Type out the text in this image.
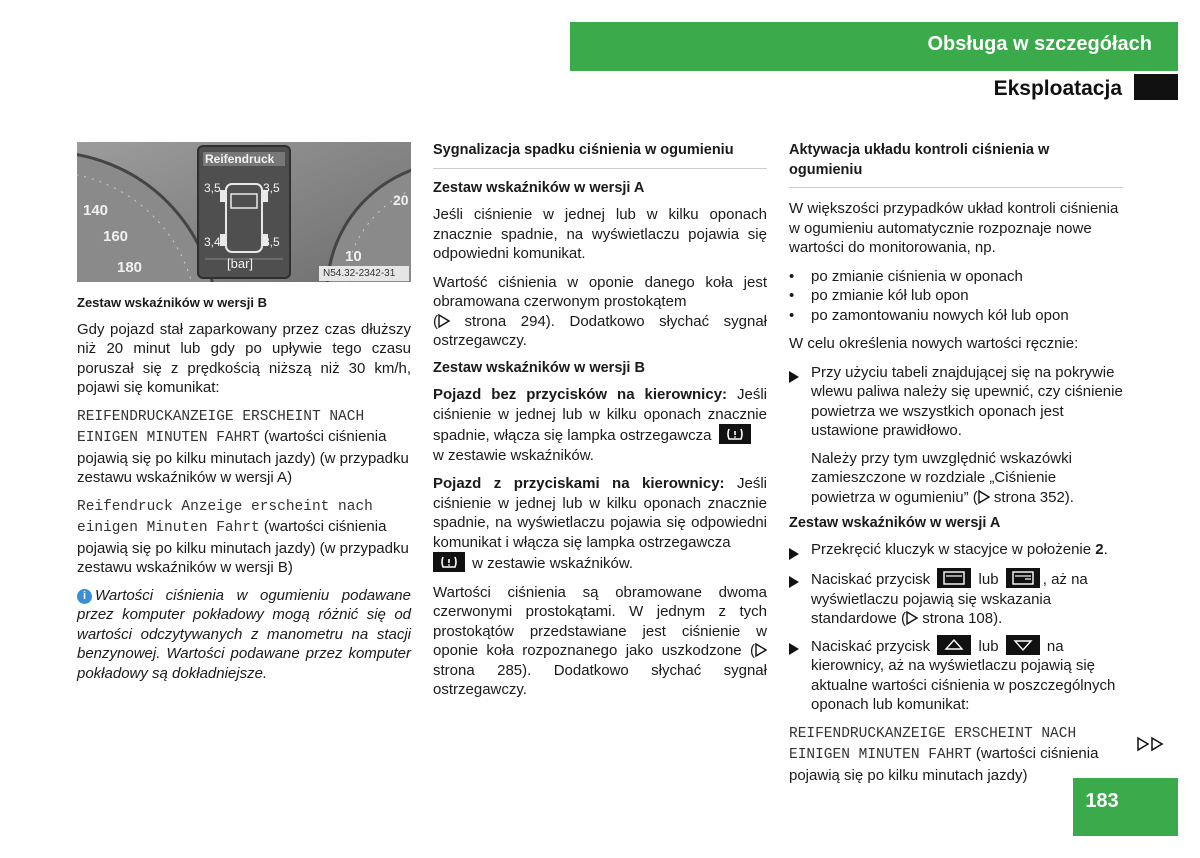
Obsługa w szczegółach
Eksploatacja
Reifendruck
3,5	3,5
3,4	3,5
[bar]
140
160
180
20
10
N54.32-2342-31

Zestaw wskaźników w wersji B

Gdy pojazd stał zaparkowany przez czas dłuższy niż 20 minut lub gdy po upływie tego czasu poruszał się z prędkością niższą niż 30 km/h, pojawi się komunikat:

REIFENDRUCKANZEIGE ERSCHEINT NACH EINIGEN MINUTEN FAHRT (wartości ciśnienia pojawią się po kilku minutach jazdy) (w przypadku zestawu wskaźników w wersji A)

Reifendruck Anzeige erscheint nach einigen Minuten Fahrt (wartości ciśnienia pojawią się po kilku minutach jazdy) (w przypadku zestawu wskaźników w wersji B)

i Wartości ciśnienia w ogumieniu podawane przez komputer pokładowy mogą różnić się od wartości odczytywanych z manometru na stacji benzynowej. Wartości podawane przez komputer pokładowy są dokładniejsze.

Sygnalizacja spadku ciśnienia w ogumieniu

Zestaw wskaźników w wersji A

Jeśli ciśnienie w jednej lub w kilku oponach znacznie spadnie, na wyświetlaczu pojawia się odpowiedni komunikat.

Wartość ciśnienia w oponie danego koła jest obramowana czerwonym prostokątem
( strona 294). Dodatkowo słychać sygnał ostrzegawczy.

Zestaw wskaźników w wersji B

Pojazd bez przycisków na kierownicy: Jeśli ciśnienie w jednej lub w kilku oponach znacznie spadnie, włącza się lampka ostrzegawcza
w zestawie wskaźników.

Pojazd z przyciskami na kierownicy: Jeśli ciśnienie w jednej lub w kilku oponach znacznie spadnie, na wyświetlaczu pojawia się odpowiedni komunikat i włącza się lampka ostrzegawcza
w zestawie wskaźników.

Wartości ciśnienia są obramowane dwoma czerwonymi prostokątami. W jednym z tych prostokątów przedstawiane jest ciśnienie w oponie koła rozpoznanego jako uszkodzone (
strona 285). Dodatkowo słychać sygnał ostrzegawczy.

Aktywacja układu kontroli ciśnienia w ogumieniu

W większości przypadków układ kontroli ciśnienia w ogumieniu automatycznie rozpoznaje nowe wartości do monitorowania, np.

•	po zmianie ciśnienia w oponach
•	po zmianie kół lub opon
•	po zamontowaniu nowych kół lub opon

W celu określenia nowych wartości ręcznie:

Przy użyciu tabeli znajdującej się na pokrywie wlewu paliwa należy się upewnić, czy ciśnienie powietrza we wszystkich oponach jest ustawione prawidłowo.

Należy przy tym uwzględnić wskazówki zamieszczone w rozdziale „Ciśnienie powietrza w ogumieniu” ( strona 352).

Zestaw wskaźników w wersji A

Przekręcić kluczyk w stacyjce w położenie 2.
Naciskać przycisk	lub	, aż na wyświetlaczu pojawią się wskazania standardowe ( strona 108).
Naciskać przycisk	lub	na kierownicy, aż na wyświetlaczu pojawią się aktualne wartości ciśnienia w poszczególnych oponach lub komunikat:

REIFENDRUCKANZEIGE ERSCHEINT NACH EINIGEN MINUTEN FAHRT (wartości ciśnienia pojawią się po kilku minutach jazdy)

183
